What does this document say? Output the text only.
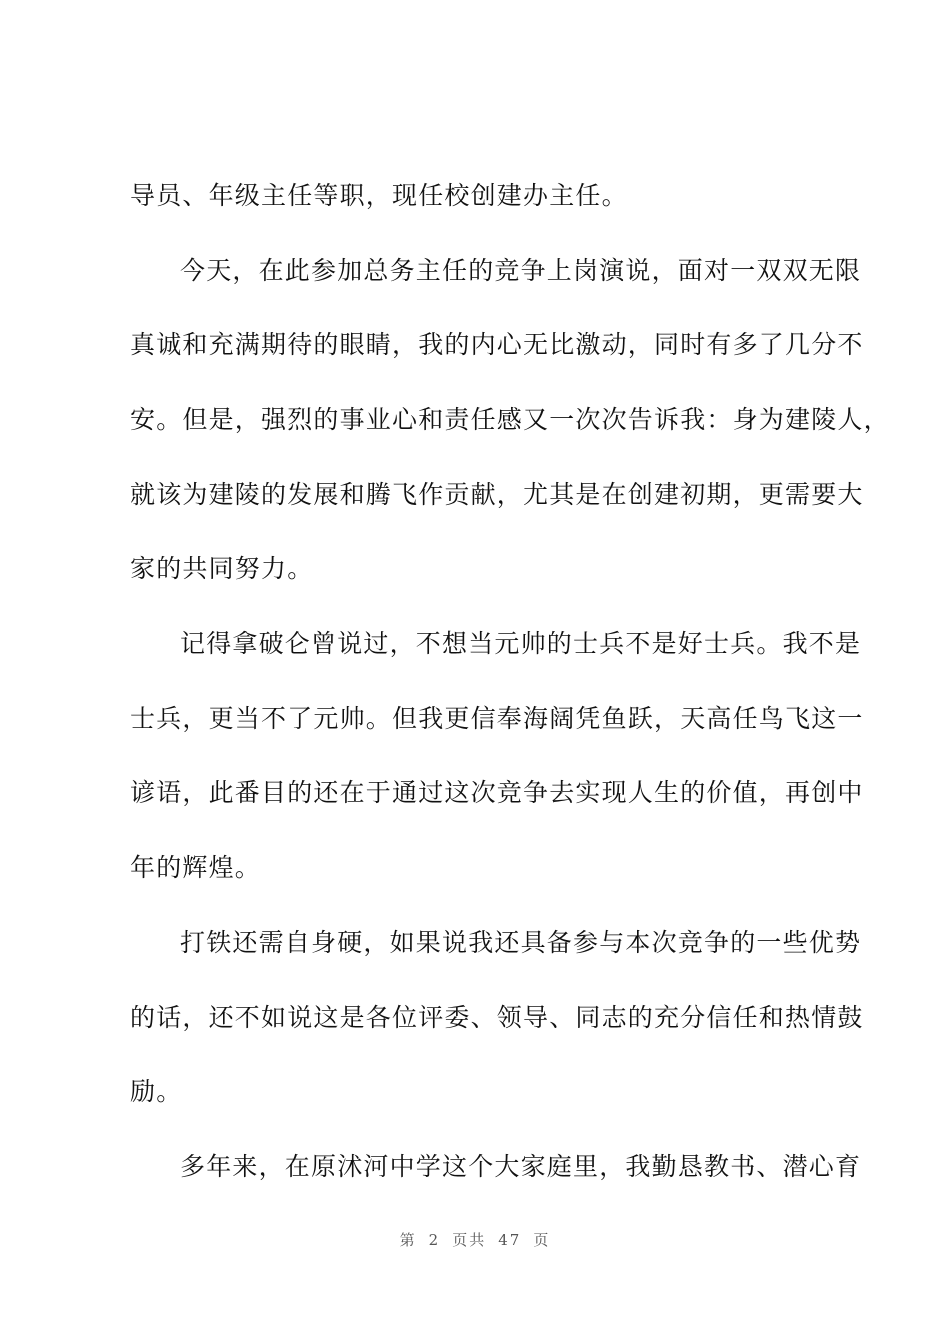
导员、年级主任等职，现任校创建办主任。
今天，在此参加总务主任的竞争上岗演说，面对一双双无限
真诚和充满期待的眼睛，我的内心无比激动，同时有多了几分不
安。但是，强烈的事业心和责任感又一次次告诉我：身为建陵人，
就该为建陵的发展和腾飞作贡献，尤其是在创建初期，更需要大
家的共同努力。
记得拿破仑曾说过，不想当元帅的士兵不是好士兵。我不是
士兵，更当不了元帅。但我更信奉海阔凭鱼跃，天高任鸟飞这一
谚语，此番目的还在于通过这次竞争去实现人生的价值，再创中
年的辉煌。
打铁还需自身硬，如果说我还具备参与本次竞争的一些优势
的话，还不如说这是各位评委、领导、同志的充分信任和热情鼓
励。
多年来，在原沭河中学这个大家庭里，我勤恳教书、潜心育
第 2 页共 47 页
